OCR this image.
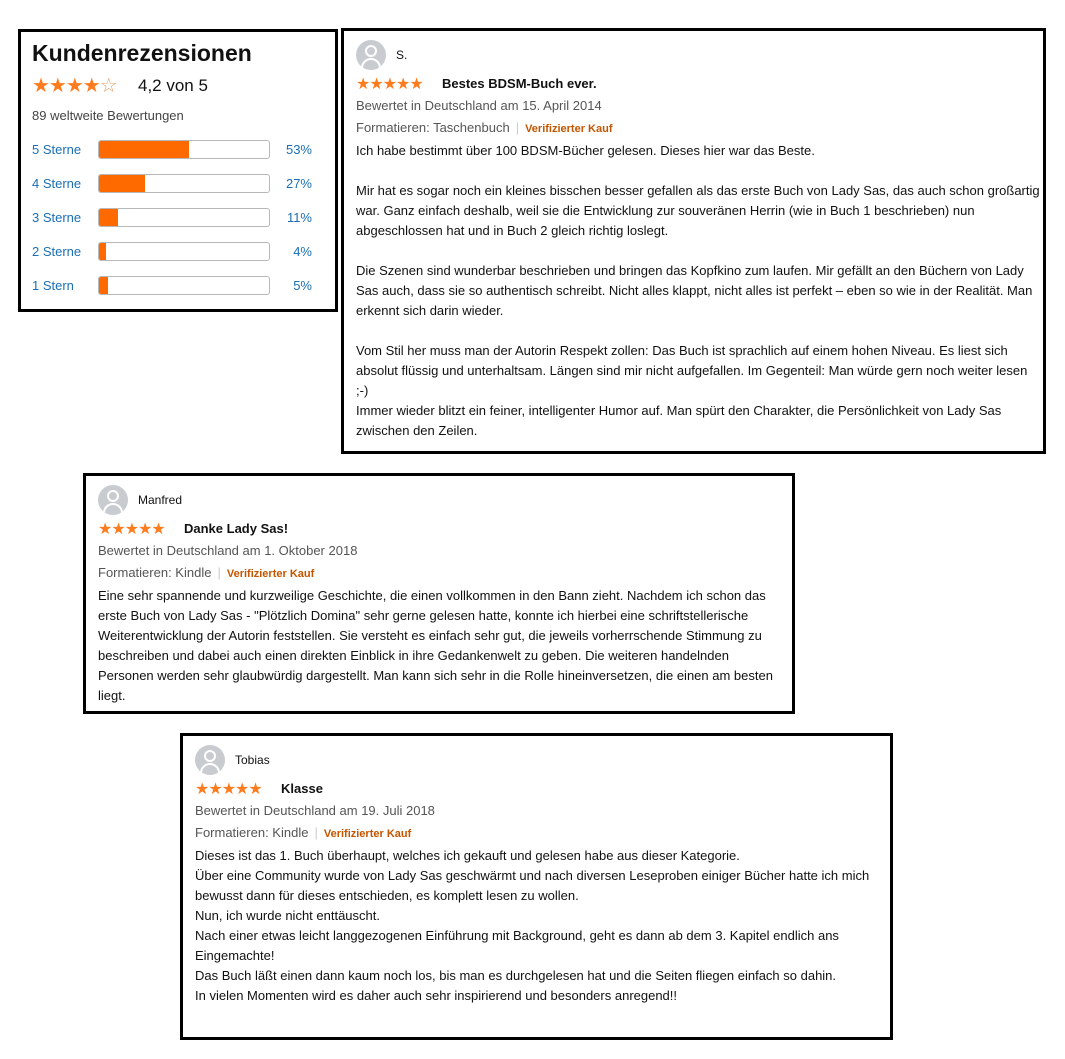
Kundenrezensionen
★★★★☆ 4,2 von 5
89 weltweite Bewertungen
5 Sterne	53%
4 Sterne	27%
3 Sterne	11%
2 Sterne	4%
1 Stern	5%
S.
★★★★★ Bestes BDSM-Buch ever.
Bewertet in Deutschland am 15. April 2014
Formatieren: Taschenbuch | Verifizierter Kauf

Ich habe bestimmt über 100 BDSM-Bücher gelesen. Dieses hier war das Beste.

Mir hat es sogar noch ein kleines bisschen besser gefallen als das erste Buch von Lady Sas, das auch schon großartig war. Ganz einfach deshalb, weil sie die Entwicklung zur souveränen Herrin (wie in Buch 1 beschrieben) nun abgeschlossen hat und in Buch 2 gleich richtig loslegt.

Die Szenen sind wunderbar beschrieben und bringen das Kopfkino zum laufen. Mir gefällt an den Büchern von Lady Sas auch, dass sie so authentisch schreibt. Nicht alles klappt, nicht alles ist perfekt – eben so wie in der Realität. Man erkennt sich darin wieder.

Vom Stil her muss man der Autorin Respekt zollen: Das Buch ist sprachlich auf einem hohen Niveau. Es liest sich absolut flüssig und unterhaltsam. Längen sind mir nicht aufgefallen. Im Gegenteil: Man würde gern noch weiter lesen ;-)

Immer wieder blitzt ein feiner, intelligenter Humor auf. Man spürt den Charakter, die Persönlichkeit von Lady Sas zwischen den Zeilen.

Manfred
★★★★★ Danke Lady Sas!
Bewertet in Deutschland am 1. Oktober 2018
Formatieren: Kindle | Verifizierter Kauf

Eine sehr spannende und kurzweilige Geschichte, die einen vollkommen in den Bann zieht. Nachdem ich schon das erste Buch von Lady Sas - "Plötzlich Domina" sehr gerne gelesen hatte, konnte ich hierbei eine schriftstellerische Weiterentwicklung der Autorin feststellen. Sie versteht es einfach sehr gut, die jeweils vorherrschende Stimmung zu beschreiben und dabei auch einen direkten Einblick in ihre Gedankenwelt zu geben. Die weiteren handelnden Personen werden sehr glaubwürdig dargestellt. Man kann sich sehr in die Rolle hineinversetzen, die einen am besten liegt.

Tobias
★★★★★ Klasse
Bewertet in Deutschland am 19. Juli 2018
Formatieren: Kindle | Verifizierter Kauf

Dieses ist das 1. Buch überhaupt, welches ich gekauft und gelesen habe aus dieser Kategorie.

Über eine Community wurde von Lady Sas geschwärmt und nach diversen Leseproben einiger Bücher hatte ich mich bewusst dann für dieses entschieden, es komplett lesen zu wollen.

Nun, ich wurde nicht enttäuscht.

Nach einer etwas leicht langgezogenen Einführung mit Background, geht es dann ab dem 3. Kapitel endlich ans Eingemachte!

Das Buch läßt einen dann kaum noch los, bis man es durchgelesen hat und die Seiten fliegen einfach so dahin.

In vielen Momenten wird es daher auch sehr inspirierend und besonders anregend!!
